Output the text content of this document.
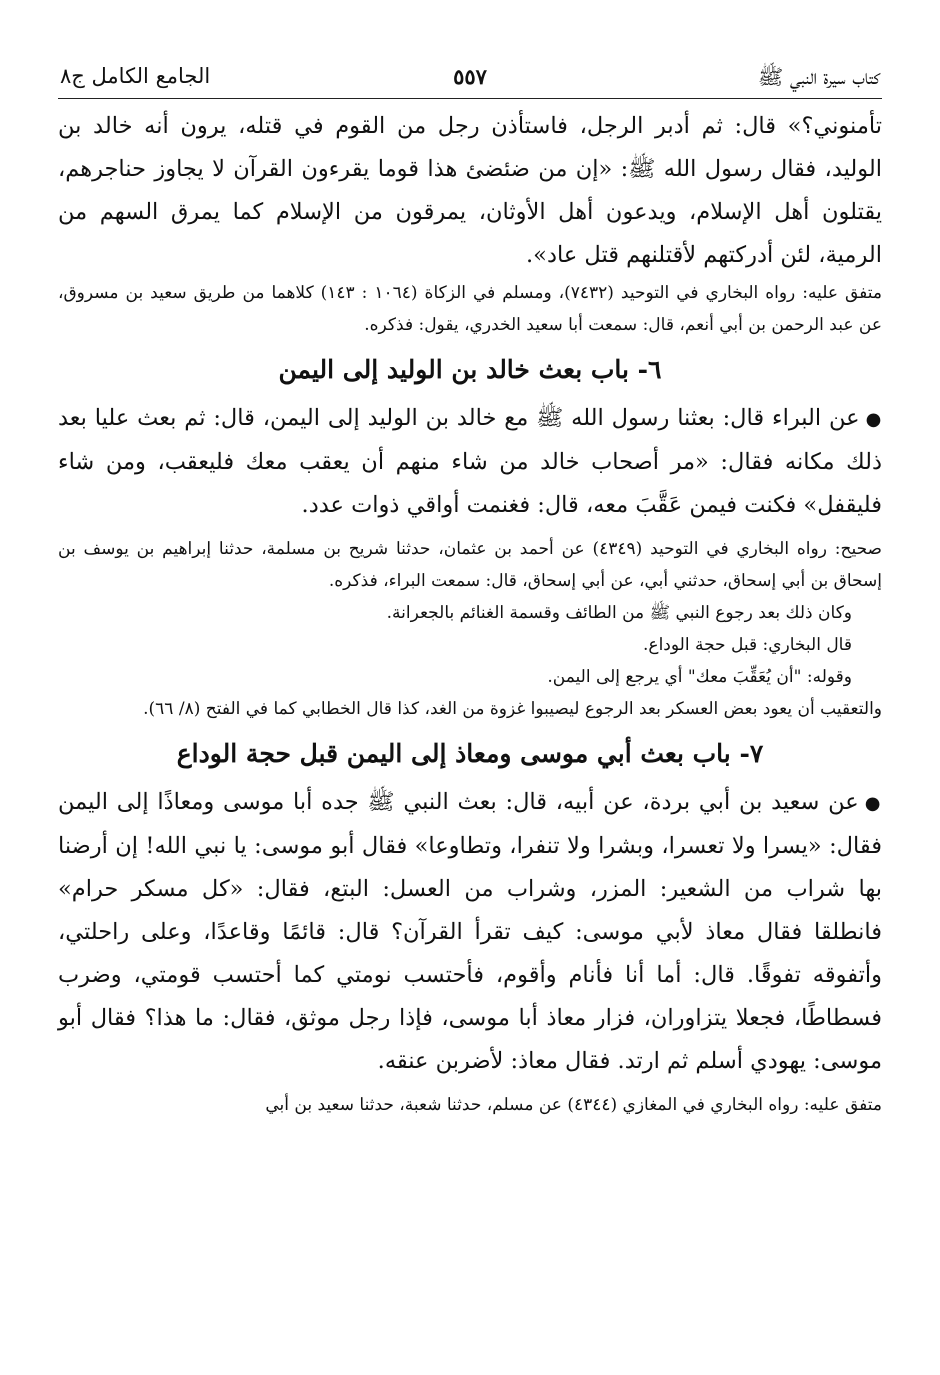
كتاب سيرة النبي ﷺ
٥٥٧
الجامع الكامل ج٨

تأمنوني؟» قال: ثم أدبر الرجل، فاستأذن رجل من القوم في قتله، يرون أنه خالد بن الوليد، فقال رسول الله ﷺ: «إن من ضئضئ هذا قوما يقرءون القرآن لا يجاوز حناجرهم، يقتلون أهل الإسلام، ويدعون أهل الأوثان، يمرقون من الإسلام كما يمرق السهم من الرمية، لئن أدركتهم لأقتلنهم قتل عاد».

متفق عليه: رواه البخاري في التوحيد (٧٤٣٢)، ومسلم في الزكاة (١٠٦٤ : ١٤٣) كلاهما من طريق سعيد بن مسروق، عن عبد الرحمن بن أبي أنعم، قال: سمعت أبا سعيد الخدري، يقول: فذكره.

٦- باب بعث خالد بن الوليد إلى اليمن

●عن البراء قال: بعثنا رسول الله ﷺ مع خالد بن الوليد إلى اليمن، قال: ثم بعث عليا بعد ذلك مكانه فقال: «مر أصحاب خالد من شاء منهم أن يعقب معك فليعقب، ومن شاء فليقفل» فكنت فيمن عَقَّبَ معه، قال: فغنمت أواقي ذوات عدد.

صحيح: رواه البخاري في التوحيد (٤٣٤٩) عن أحمد بن عثمان، حدثنا شريح بن مسلمة، حدثنا إبراهيم بن يوسف بن إسحاق بن أبي إسحاق، حدثني أبي، عن أبي إسحاق، قال: سمعت البراء، فذكره.

وكان ذلك بعد رجوع النبي ﷺ من الطائف وقسمة الغنائم بالجعرانة.

قال البخاري: قبل حجة الوداع.

وقوله: "أن يُعَقِّبَ معك" أي يرجع إلى اليمن.

والتعقيب أن يعود بعض العسكر بعد الرجوع ليصيبوا غزوة من الغد، كذا قال الخطابي كما في الفتح (٨/ ٦٦).

٧- باب بعث أبي موسى ومعاذ إلى اليمن قبل حجة الوداع

●عن سعيد بن أبي بردة، عن أبيه، قال: بعث النبي ﷺ جده أبا موسى ومعاذًا إلى اليمن فقال: «يسرا ولا تعسرا، وبشرا ولا تنفرا، وتطاوعا» فقال أبو موسى: يا نبي الله! إن أرضنا بها شراب من الشعير: المزر، وشراب من العسل: البتع، فقال: «كل مسكر حرام» فانطلقا فقال معاذ لأبي موسى: كيف تقرأ القرآن؟ قال: قائمًا وقاعدًا، وعلى راحلتي، وأتفوقه تفوقًا. قال: أما أنا فأنام وأقوم، فأحتسب نومتي كما أحتسب قومتي، وضرب فسطاطًا، فجعلا يتزاوران، فزار معاذ أبا موسى، فإذا رجل موثق، فقال: ما هذا؟ فقال أبو موسى: يهودي أسلم ثم ارتد. فقال معاذ: لأضربن عنقه.

متفق عليه: رواه البخاري في المغازي (٤٣٤٤) عن مسلم، حدثنا شعبة، حدثنا سعيد بن أبي
